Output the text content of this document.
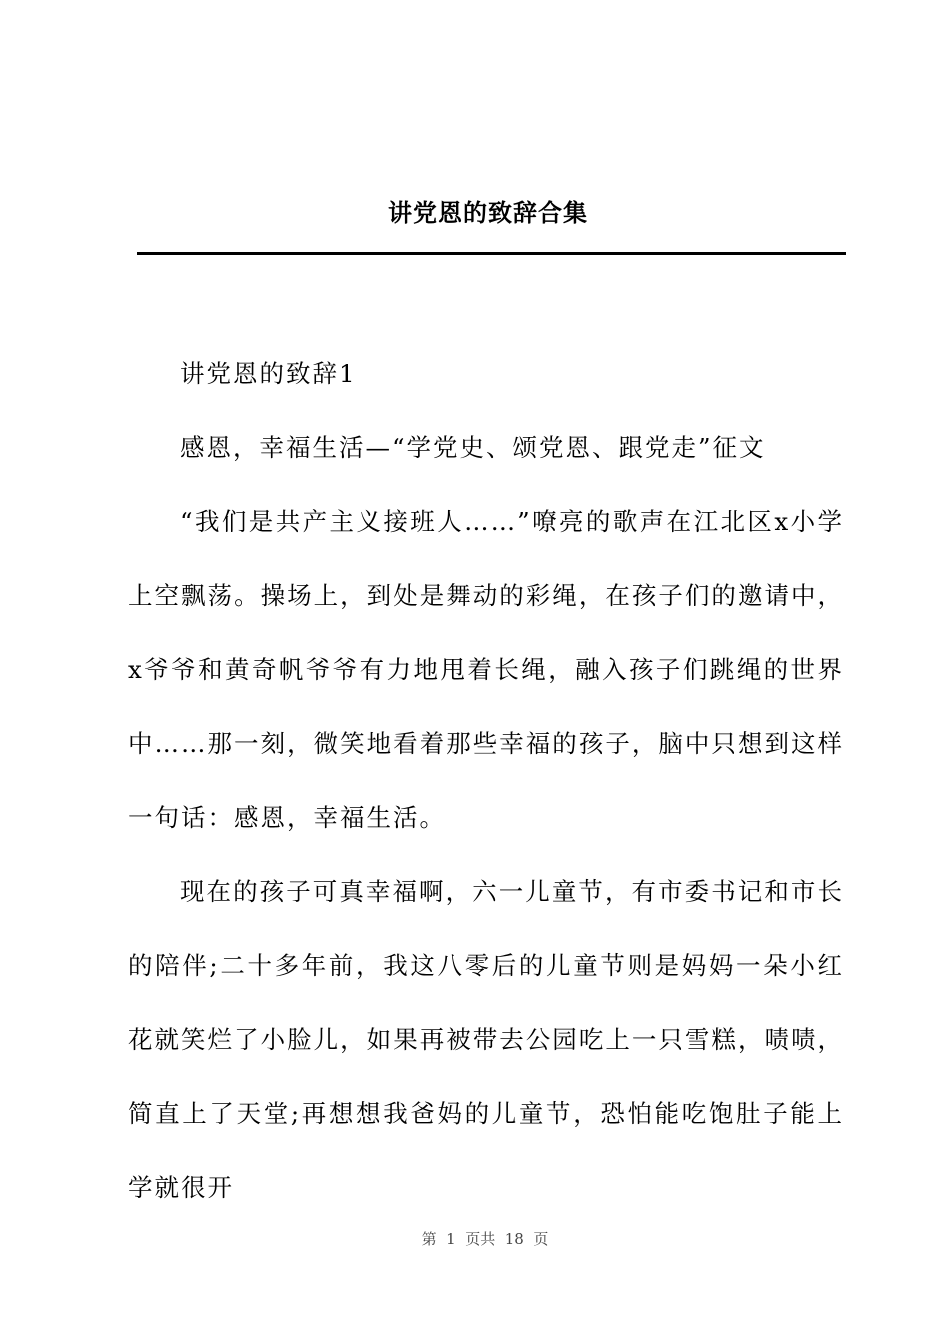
讲党恩的致辞合集

讲党恩的致辞1

感恩，幸福生活—“学党史、颂党恩、跟党走”征文

“我们是共产主义接班人……”嘹亮的歌声在江北区x小学上空飘荡。操场上，到处是舞动的彩绳，在孩子们的邀请中，x爷爷和黄奇帆爷爷有力地甩着长绳，融入孩子们跳绳的世界中……那一刻，微笑地看着那些幸福的孩子，脑中只想到这样一句话：感恩，幸福生活。

现在的孩子可真幸福啊，六一儿童节，有市委书记和市长的陪伴;二十多年前，我这八零后的儿童节则是妈妈一朵小红花就笑烂了小脸儿，如果再被带去公园吃上一只雪糕，啧啧，简直上了天堂;再想想我爸妈的儿童节，恐怕能吃饱肚子能上学就很开

第  1  页共  18  页
